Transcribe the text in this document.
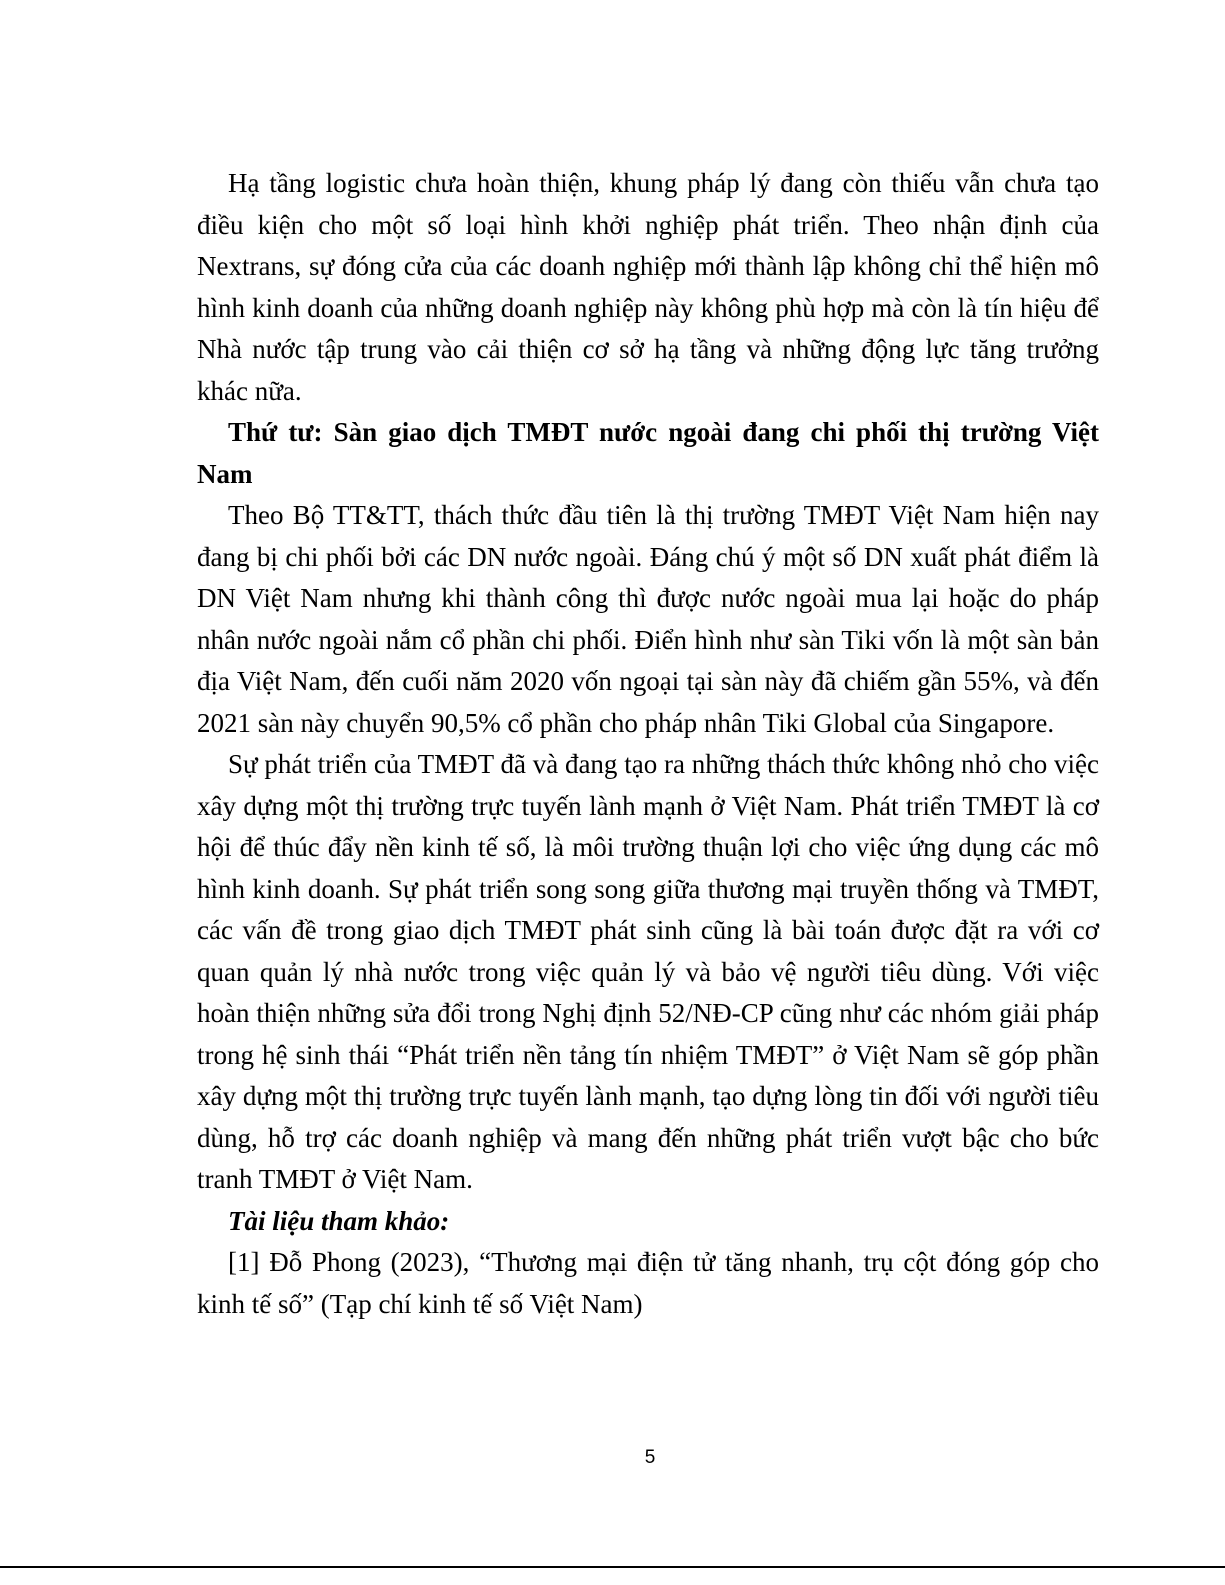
Hạ tầng logistic chưa hoàn thiện, khung pháp lý đang còn thiếu vẫn chưa tạo điều kiện cho một số loại hình khởi nghiệp phát triển. Theo nhận định của Nextrans, sự đóng cửa của các doanh nghiệp mới thành lập không chỉ thể hiện mô hình kinh doanh của những doanh nghiệp này không phù hợp mà còn là tín hiệu để Nhà nước tập trung vào cải thiện cơ sở hạ tầng và những động lực tăng trưởng khác nữa.

Thứ tư: Sàn giao dịch TMĐT nước ngoài đang chi phối thị trường Việt Nam

Theo Bộ TT&TT, thách thức đầu tiên là thị trường TMĐT Việt Nam hiện nay đang bị chi phối bởi các DN nước ngoài. Đáng chú ý một số DN xuất phát điểm là DN Việt Nam nhưng khi thành công thì được nước ngoài mua lại hoặc do pháp nhân nước ngoài nắm cổ phần chi phối. Điển hình như sàn Tiki vốn là một sàn bản địa Việt Nam, đến cuối năm 2020 vốn ngoại tại sàn này đã chiếm gần 55%, và đến 2021 sàn này chuyển 90,5% cổ phần cho pháp nhân Tiki Global của Singapore.

Sự phát triển của TMĐT đã và đang tạo ra những thách thức không nhỏ cho việc xây dựng một thị trường trực tuyến lành mạnh ở Việt Nam. Phát triển TMĐT là cơ hội để thúc đẩy nền kinh tế số, là môi trường thuận lợi cho việc ứng dụng các mô hình kinh doanh. Sự phát triển song song giữa thương mại truyền thống và TMĐT, các vấn đề trong giao dịch TMĐT phát sinh cũng là bài toán được đặt ra với cơ quan quản lý nhà nước trong việc quản lý và bảo vệ người tiêu dùng. Với việc hoàn thiện những sửa đổi trong Nghị định 52/NĐ-CP cũng như các nhóm giải pháp trong hệ sinh thái “Phát triển nền tảng tín nhiệm TMĐT” ở Việt Nam sẽ góp phần xây dựng một thị trường trực tuyến lành mạnh, tạo dựng lòng tin đối với người tiêu dùng, hỗ trợ các doanh nghiệp và mang đến những phát triển vượt bậc cho bức tranh TMĐT ở Việt Nam.

Tài liệu tham khảo:

[1] Đỗ Phong (2023), “Thương mại điện tử tăng nhanh, trụ cột đóng góp cho kinh tế số” (Tạp chí kinh tế số Việt Nam)

5
